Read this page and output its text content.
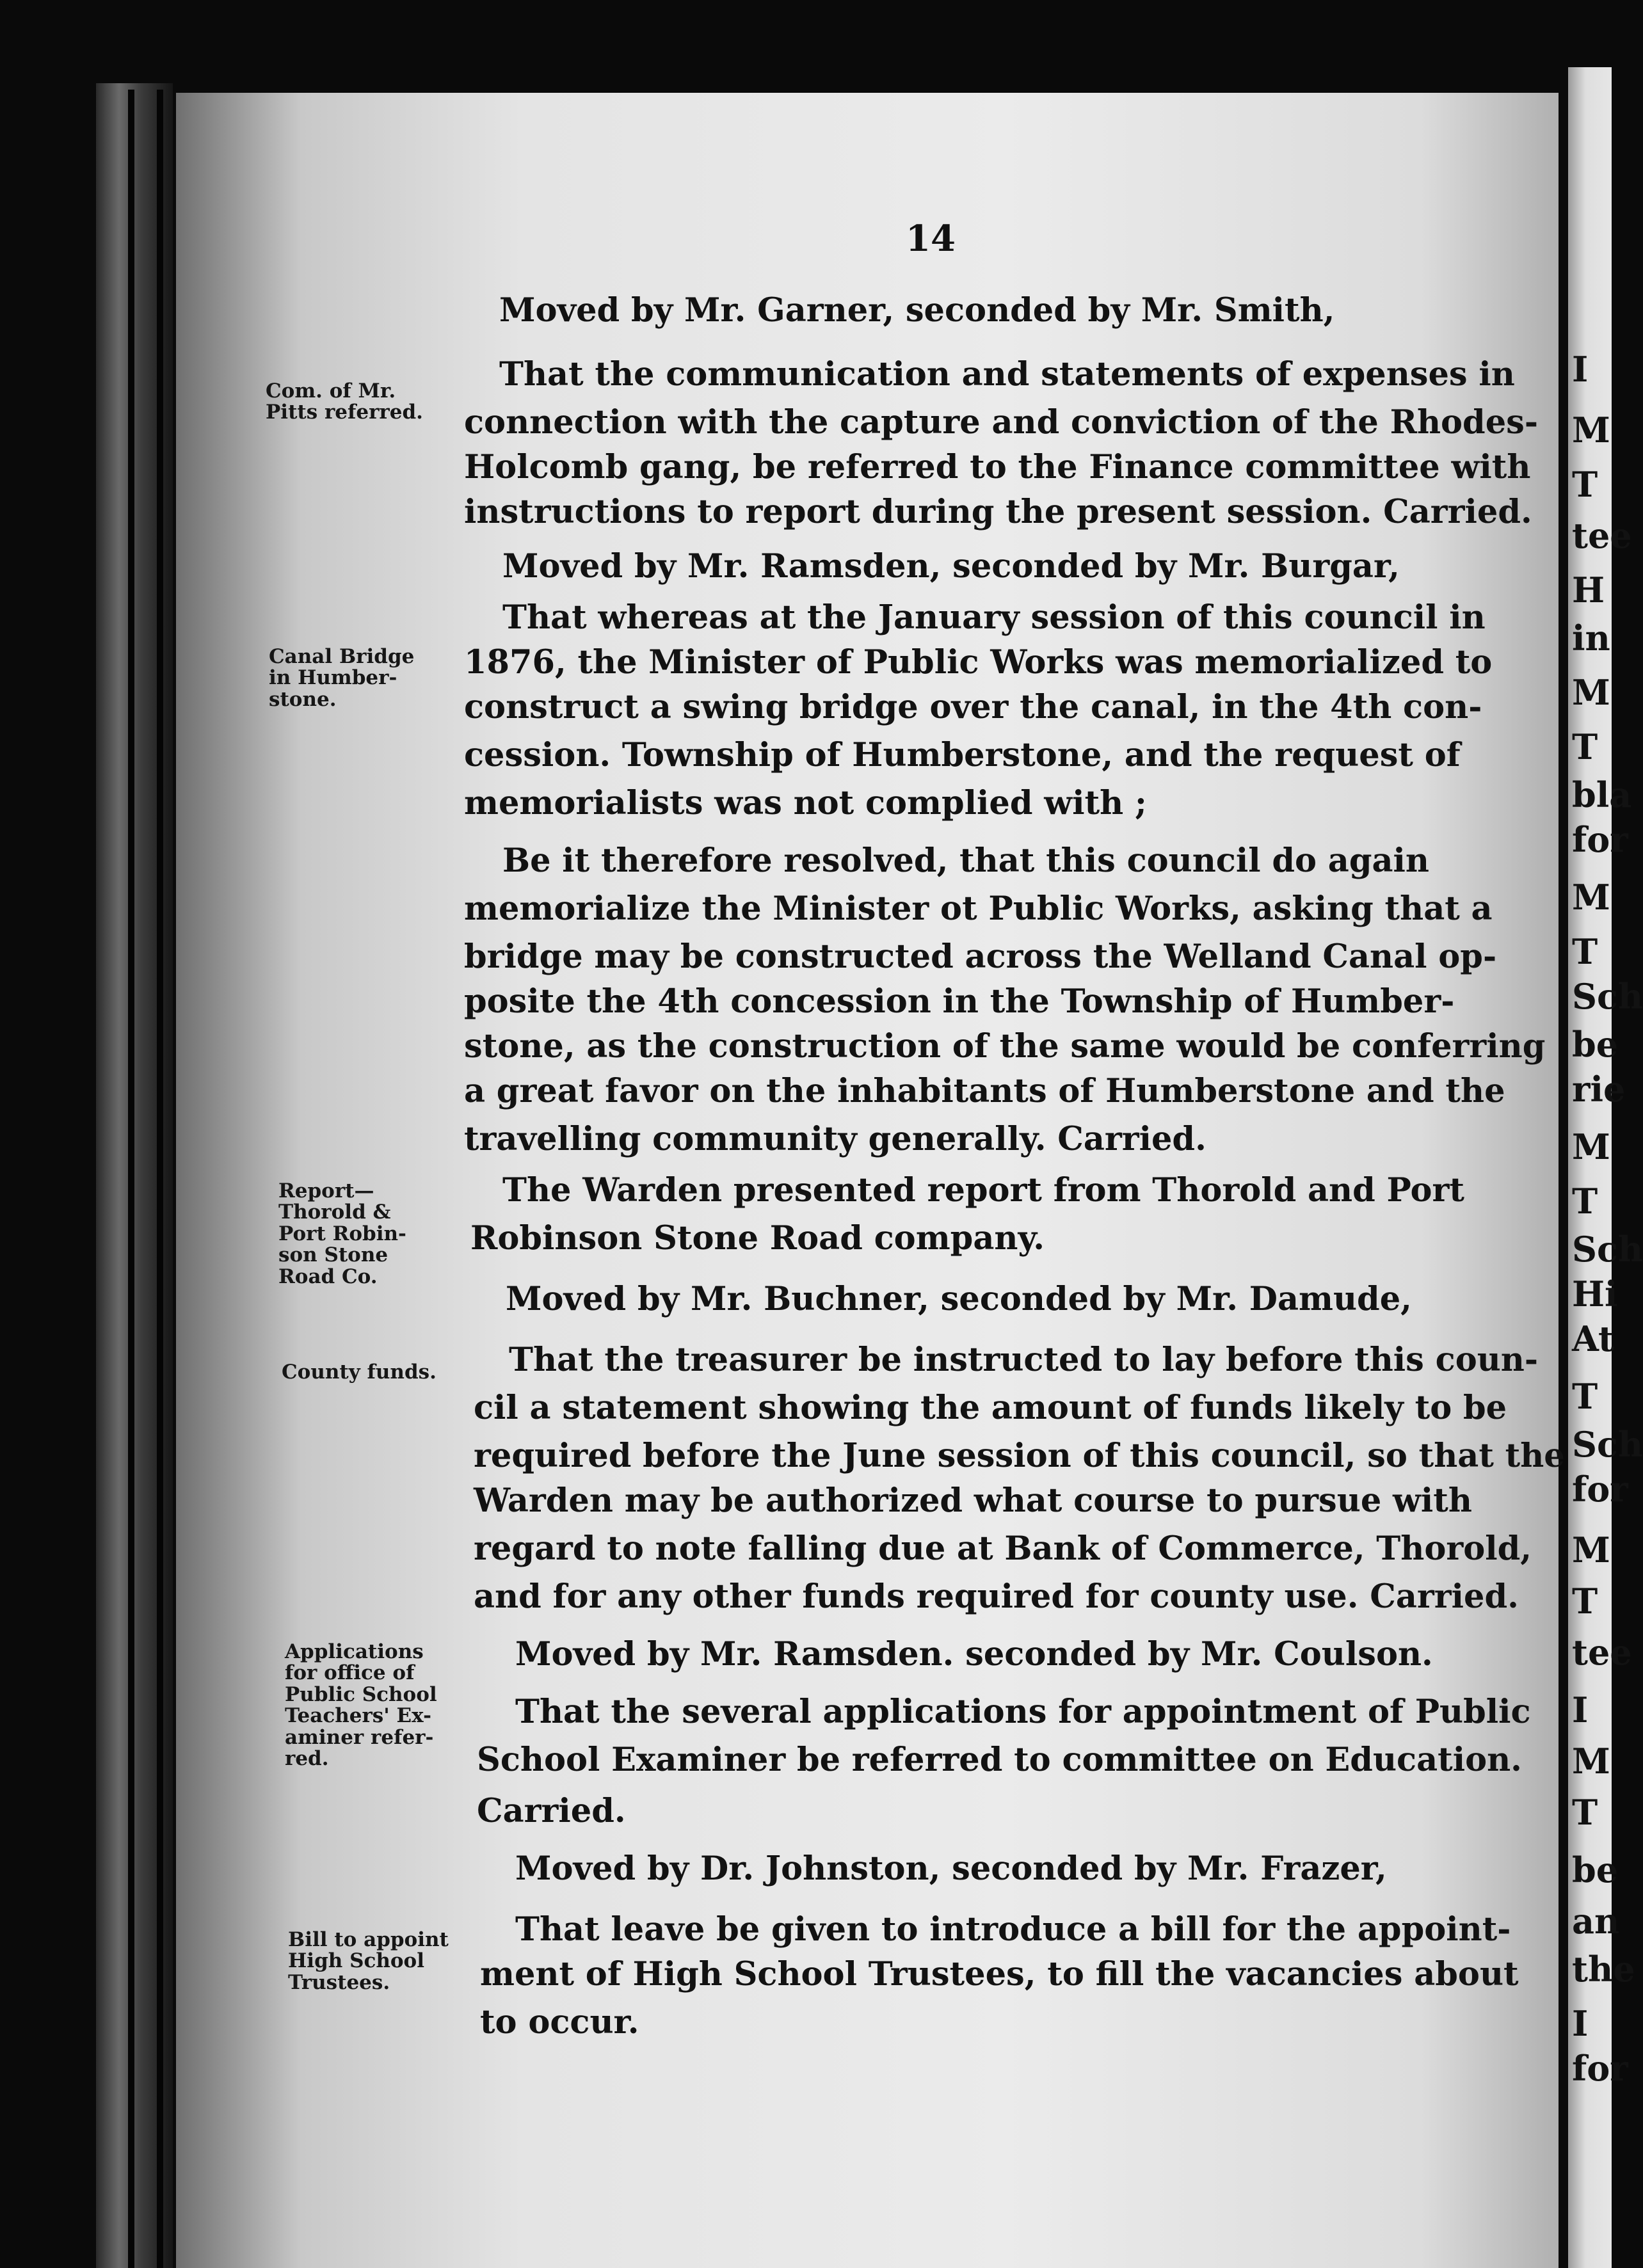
I
M
T
tee
H
in
M
T
bla
for
M
T
Sch
be
rie
M
T
Sch
Hi
At
T
Sch
for
M
T
tee
I
M
T
be
an
the
I
for
14
Com. of Mr.
Pitts referred.
Canal Bridge
in Humber-
stone.
Report—
Thorold &
Port Robin-
son Stone
Road Co.
County funds.
Applications
for office of
Public School
Teachers' Ex-
aminer refer-
red.
Bill to appoint
High School
Trustees.
Moved by Mr. Garner, seconded by Mr. Smith,
That the communication and statements of expenses in
connection with the capture and conviction of the Rhodes-
Holcomb gang, be referred to the Finance committee with
instructions to report during the present session. Carried.
Moved by Mr. Ramsden, seconded by Mr. Burgar,
That whereas at the January session of this council in
1876, the Minister of Public Works was memorialized to
construct a swing bridge over the canal, in the 4th con-
cession. Township of Humberstone, and the request of
memorialists was not complied with ;
Be it therefore resolved, that this council do again
memorialize the Minister ot Public Works, asking that a
bridge may be constructed across the Welland Canal op-
posite the 4th concession in the Township of Humber-
stone, as the construction of the same would be conferring
a great favor on the inhabitants of Humberstone and the
travelling community generally. Carried.
The Warden presented report from Thorold and Port
Robinson Stone Road company.
Moved by Mr. Buchner, seconded by Mr. Damude,
That the treasurer be instructed to lay before this coun-
cil a statement showing the amount of funds likely to be
required before the June session of this council, so that the
Warden may be authorized what course to pursue with
regard to note falling due at Bank of Commerce, Thorold,
and for any other funds required for county use. Carried.
Moved by Mr. Ramsden. seconded by Mr. Coulson.
That the several applications for appointment of Public
School Examiner be referred to committee on Education.
Carried.
Moved by Dr. Johnston, seconded by Mr. Frazer,
That leave be given to introduce a bill for the appoint-
ment of High School Trustees, to fill the vacancies about
to occur.
